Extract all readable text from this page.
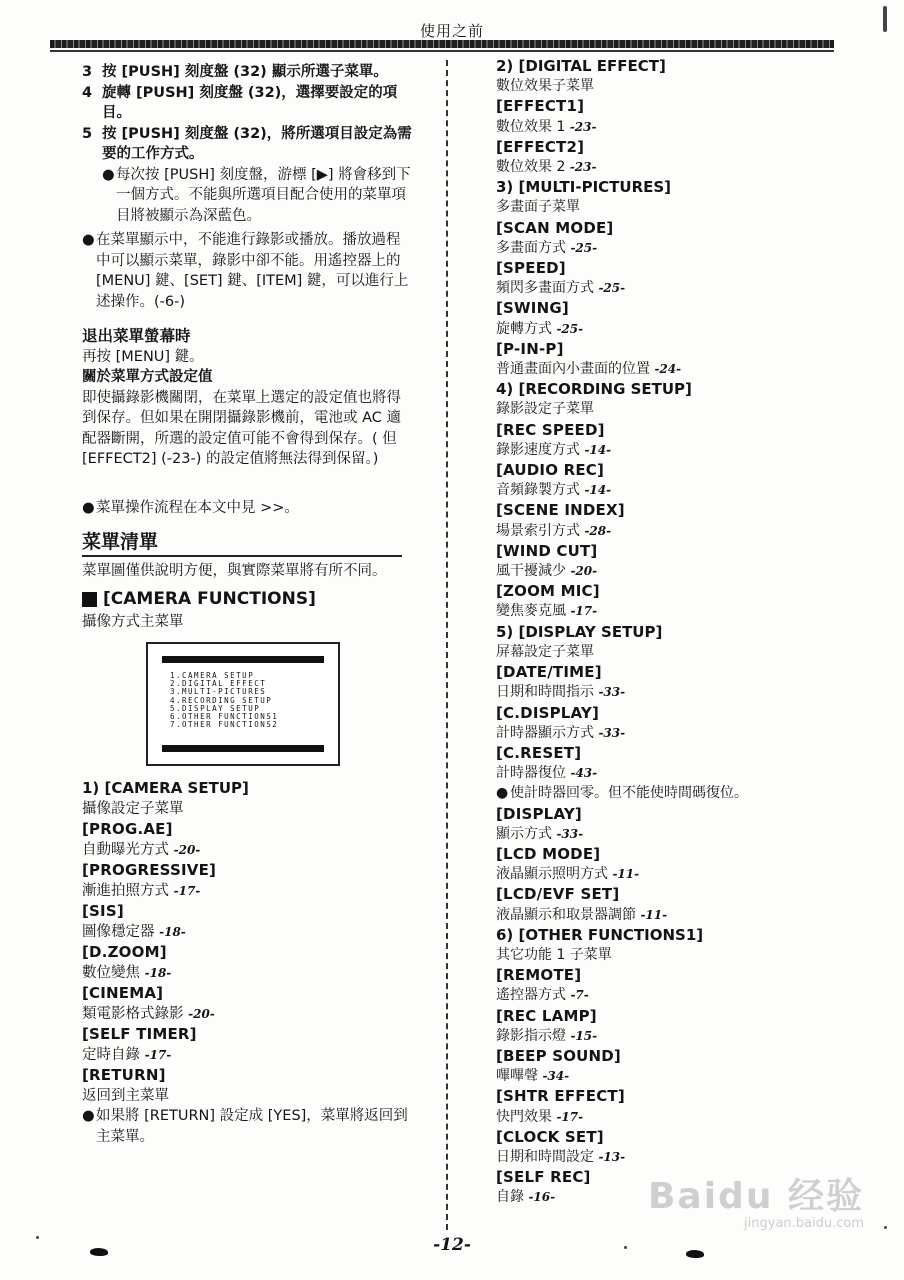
使用之前
3 按 [PUSH] 刻度盤 (32) 顯示所選子菜單。
4 旋轉 [PUSH] 刻度盤 (32)，選擇要設定的項目。
5 按 [PUSH] 刻度盤 (32)，將所選項目設定為需要的工作方式。
● 每次按 [PUSH] 刻度盤，游標 [▶] 將會移到下一個方式。不能與所選項目配合使用的菜單項目將被顯示為深藍色。
● 在菜單顯示中，不能進行錄影或播放。播放過程中可以顯示菜單，錄影中卻不能。用遙控器上的 [MENU] 鍵、[SET] 鍵、[ITEM] 鍵，可以進行上述操作。(-6-)
退出菜單螢幕時
再按 [MENU] 鍵。
關於菜單方式設定值
即使攝錄影機關閉，在菜單上選定的設定值也將得到保存。但如果在開閉攝錄影機前，電池或 AC 適配器斷開，所選的設定值可能不會得到保存。( 但 [EFFECT2] (-23-) 的設定值將無法得到保留。)
● 菜單操作流程在本文中見 >>。
菜單清單
菜單圖僅供說明方便，與實際菜單將有所不同。
[CAMERA FUNCTIONS]
攝像方式主菜單
1.CAMERA SETUP
2.DIGITAL EFFECT
3.MULTI-PICTURES
4.RECORDING SETUP
5.DISPLAY SETUP
6.OTHER FUNCTIONS1
7.OTHER FUNCTIONS2
1) [CAMERA SETUP]
攝像設定子菜單
[PROG.AE]
自動曝光方式 -20-
[PROGRESSIVE]
漸進拍照方式 -17-
[SIS]
圖像穩定器 -18-
[D.ZOOM]
數位變焦 -18-
[CINEMA]
類電影格式錄影 -20-
[SELF TIMER]
定時自錄 -17-
[RETURN]
返回到主菜單
● 如果將 [RETURN] 設定成 [YES]，菜單將返回到主菜單。
2) [DIGITAL EFFECT]
數位效果子菜單
[EFFECT1]
數位效果 1 -23-
[EFFECT2]
數位效果 2 -23-
3) [MULTI-PICTURES]
多畫面子菜單
[SCAN MODE]
多畫面方式 -25-
[SPEED]
頻閃多畫面方式 -25-
[SWING]
旋轉方式 -25-
[P-IN-P]
普通畫面內小畫面的位置 -24-
4) [RECORDING SETUP]
錄影設定子菜單
[REC SPEED]
錄影速度方式 -14-
[AUDIO REC]
音頻錄製方式 -14-
[SCENE INDEX]
場景索引方式 -28-
[WIND CUT]
風干擾減少 -20-
[ZOOM MIC]
變焦麥克風 -17-
5) [DISPLAY SETUP]
屏幕設定子菜單
[DATE/TIME]
日期和時間指示 -33-
[C.DISPLAY]
計時器顯示方式 -33-
[C.RESET]
計時器復位 -43-
● 使計時器回零。但不能使時間碼復位。
[DISPLAY]
顯示方式 -33-
[LCD MODE]
液晶顯示照明方式 -11-
[LCD/EVF SET]
液晶顯示和取景器調節 -11-
6) [OTHER FUNCTIONS1]
其它功能 1 子菜單
[REMOTE]
遙控器方式 -7-
[REC LAMP]
錄影指示燈 -15-
[BEEP SOUND]
嗶嗶聲 -34-
[SHTR EFFECT]
快門效果 -17-
[CLOCK SET]
日期和時間設定 -13-
[SELF REC]
自錄 -16-
-12-
Baidu 经验
jingyan.baidu.com
